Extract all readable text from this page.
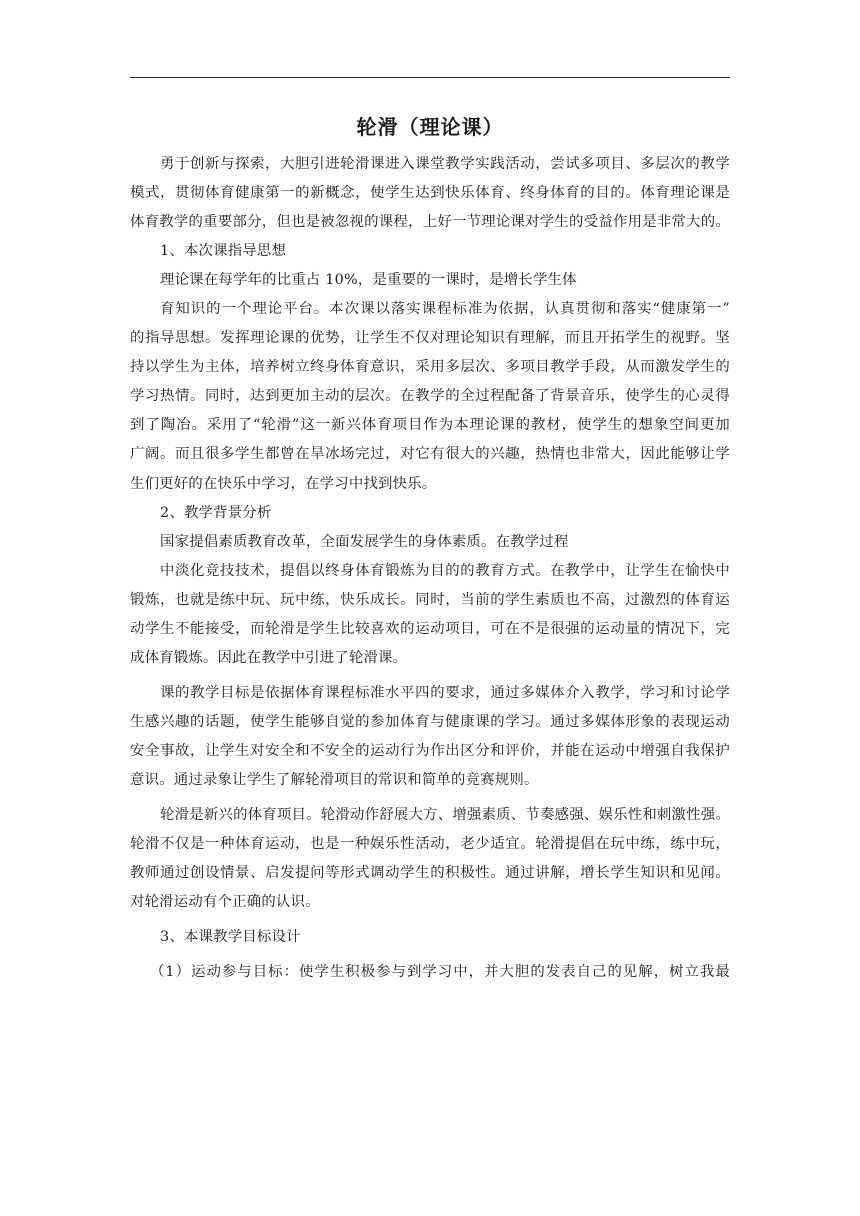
轮滑（理论课）
勇于创新与探索，大胆引进轮滑课进入课堂教学实践活动，尝试多项目、多层次的教学
模式，贯彻体育健康第一的新概念，使学生达到快乐体育、终身体育的目的。体育理论课是
体育教学的重要部分，但也是被忽视的课程，上好一节理论课对学生的受益作用是非常大的。
1、本次课指导思想
理论课在每学年的比重占 10%，是重要的一课时，是增长学生体
育知识的一个理论平台。本次课以落实课程标准为依据，认真贯彻和落实“健康第一”
的指导思想。发挥理论课的优势，让学生不仅对理论知识有理解，而且开拓学生的视野。坚
持以学生为主体，培养树立终身体育意识，采用多层次、多项目教学手段，从而激发学生的
学习热情。同时，达到更加主动的层次。在教学的全过程配备了背景音乐，使学生的心灵得
到了陶冶。采用了“轮滑”这一新兴体育项目作为本理论课的教材，使学生的想象空间更加
广阔。而且很多学生都曾在旱冰场完过，对它有很大的兴趣，热情也非常大，因此能够让学
生们更好的在快乐中学习，在学习中找到快乐。
2、教学背景分析
国家提倡素质教育改革，全面发展学生的身体素质。在教学过程
中淡化竞技技术，提倡以终身体育锻炼为目的的教育方式。在教学中，让学生在愉快中
锻炼，也就是练中玩、玩中练，快乐成长。同时，当前的学生素质也不高，过激烈的体育运
动学生不能接受，而轮滑是学生比较喜欢的运动项目，可在不是很强的运动量的情况下，完
成体育锻炼。因此在教学中引进了轮滑课。
课的教学目标是依据体育课程标准水平四的要求，通过多媒体介入教学，学习和讨论学
生感兴趣的话题，使学生能够自觉的参加体育与健康课的学习。通过多媒体形象的表现运动
安全事故，让学生对安全和不安全的运动行为作出区分和评价，并能在运动中增强自我保护
意识。通过录象让学生了解轮滑项目的常识和简单的竞赛规则。
轮滑是新兴的体育项目。轮滑动作舒展大方、增强素质、节奏感强、娱乐性和刺激性强。
轮滑不仅是一种体育运动，也是一种娱乐性活动，老少适宜。轮滑提倡在玩中练，练中玩，
教师通过创设情景、启发提问等形式调动学生的积极性。通过讲解，增长学生知识和见闻。
对轮滑运动有个正确的认识。
3、本课教学目标设计
（1）运动参与目标：使学生积极参与到学习中，并大胆的发表自己的见解，树立我最
